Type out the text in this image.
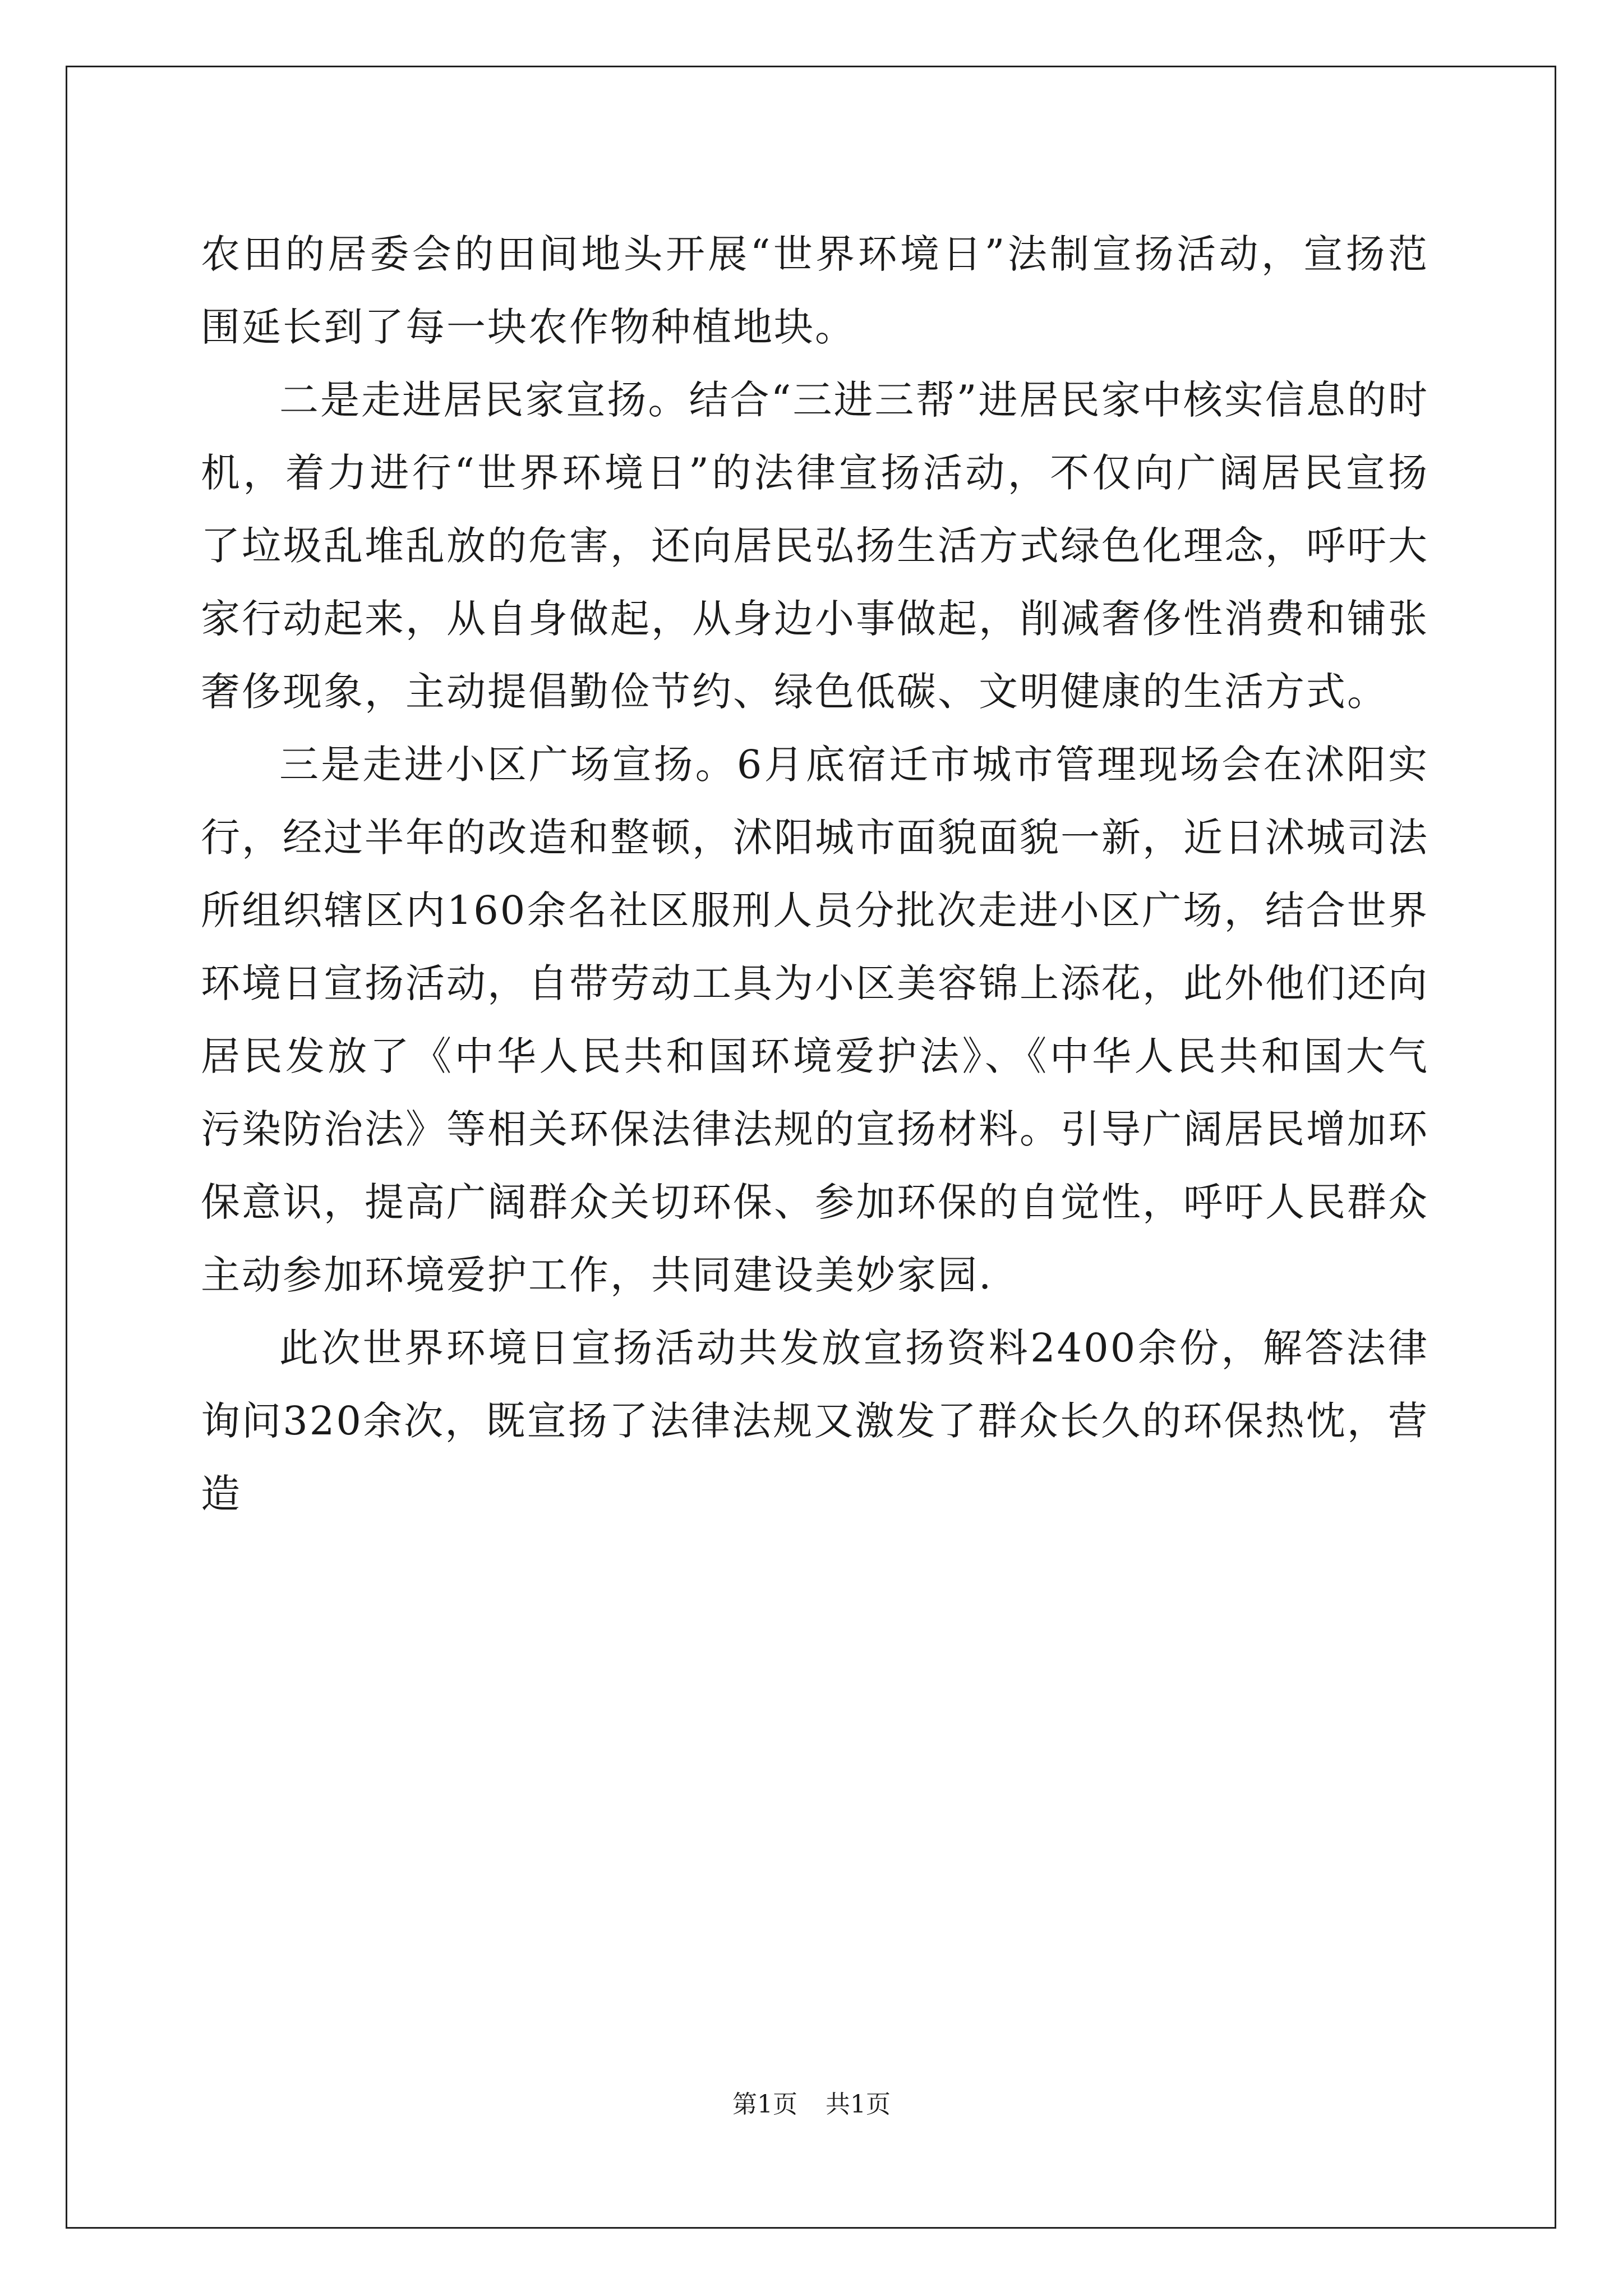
农田的居委会的田间地头开展“世界环境日”法制宣扬活动，宣扬范围延长到了每一块农作物种植地块。

二是走进居民家宣扬。结合“三进三帮”进居民家中核实信息的时机，着力进行“世界环境日”的法律宣扬活动，不仅向广阔居民宣扬了垃圾乱堆乱放的危害，还向居民弘扬生活方式绿色化理念，呼吁大家行动起来，从自身做起，从身边小事做起，削减奢侈性消费和铺张奢侈现象，主动提倡勤俭节约、绿色低碳、文明健康的生活方式。

三是走进小区广场宣扬。6月底宿迁市城市管理现场会在沭阳实行，经过半年的改造和整顿，沭阳城市面貌面貌一新，近日沭城司法所组织辖区内160余名社区服刑人员分批次走进小区广场，结合世界环境日宣扬活动，自带劳动工具为小区美容锦上添花，此外他们还向居民发放了《中华人民共和国环境爱护法》、《中华人民共和国大气污染防治法》等相关环保法律法规的宣扬材料。引导广阔居民增加环保意识，提高广阔群众关切环保、参加环保的自觉性，呼吁人民群众主动参加环境爱护工作，共同建设美妙家园.

此次世界环境日宣扬活动共发放宣扬资料2400余份，解答法律询问320余次，既宣扬了法律法规又激发了群众长久的环保热忱，营造

第1页 共1页
